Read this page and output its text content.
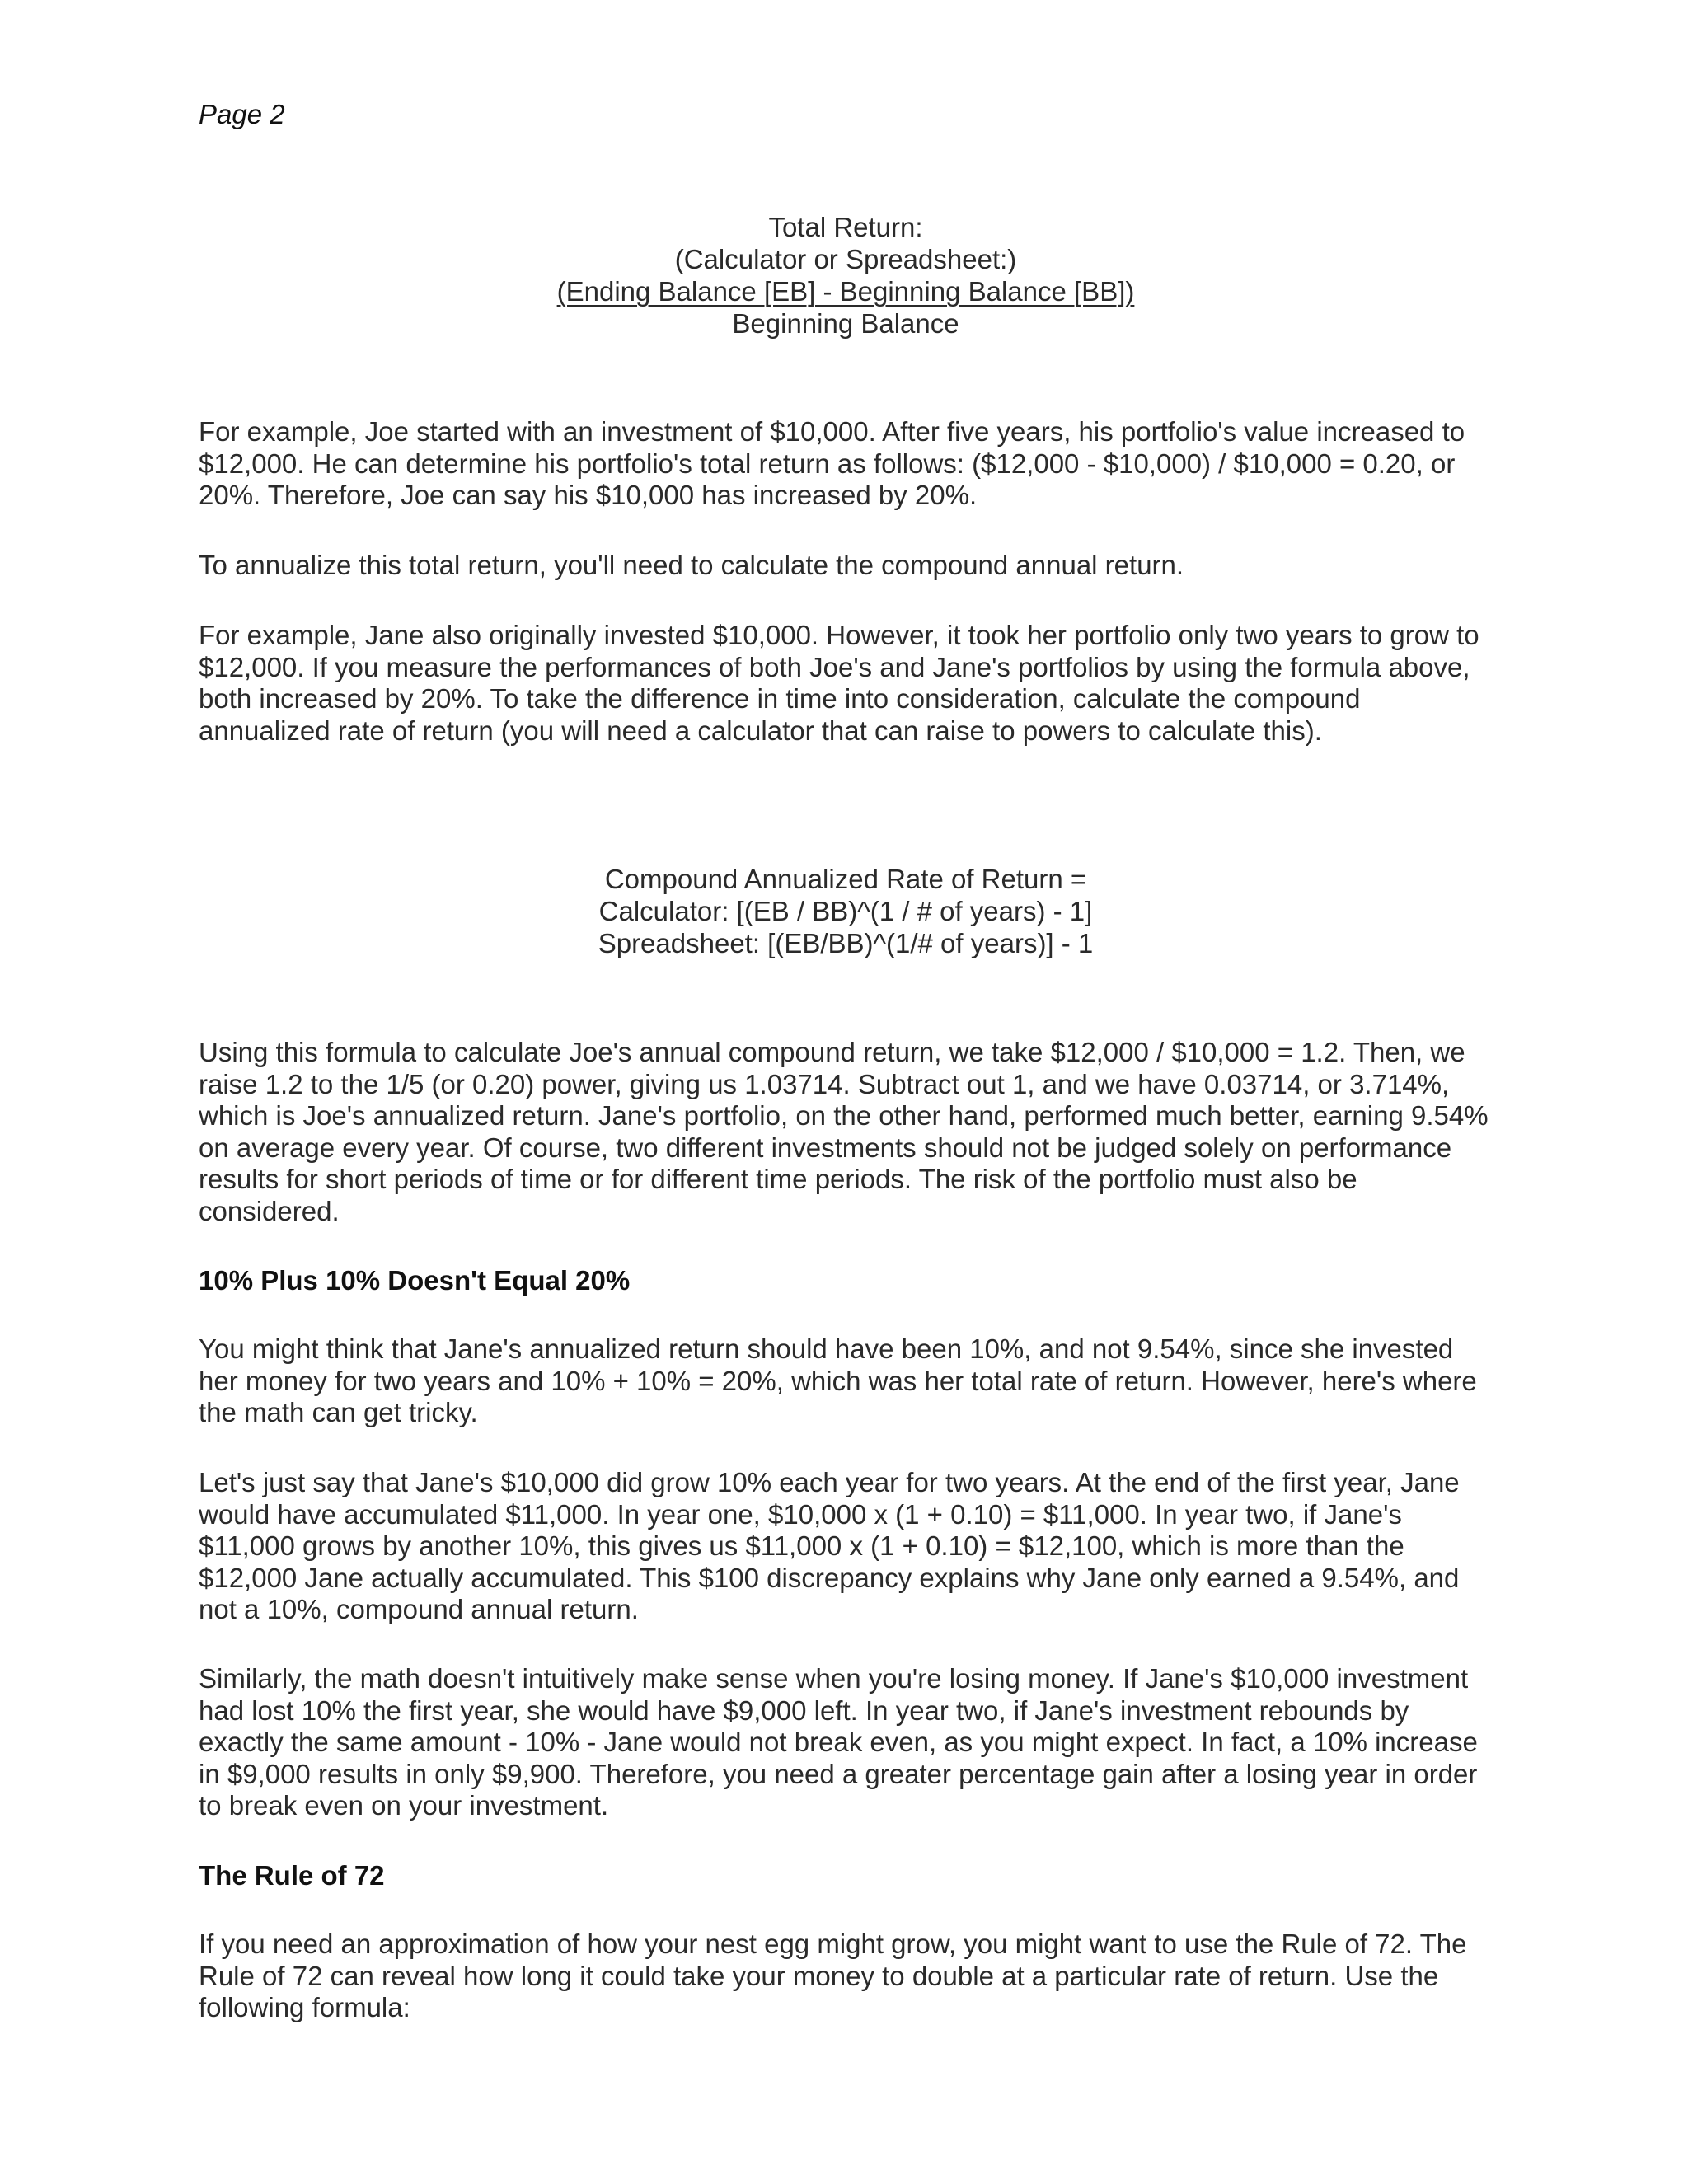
Page 2
Total Return:
(Calculator or Spreadsheet:)
(Ending Balance [EB] - Beginning Balance [BB])
Beginning Balance
For example, Joe started with an investment of $10,000. After five years, his portfolio's value increased to $12,000. He can determine his portfolio's total return as follows: ($12,000 - $10,000) / $10,000 = 0.20, or 20%. Therefore, Joe can say his $10,000 has increased by 20%.
To annualize this total return, you'll need to calculate the compound annual return.
For example, Jane also originally invested $10,000. However, it took her portfolio only two years to grow to $12,000. If you measure the performances of both Joe's and Jane's portfolios by using the formula above, both increased by 20%. To take the difference in time into consideration, calculate the compound annualized rate of return (you will need a calculator that can raise to powers to calculate this).
Compound Annualized Rate of Return =
Calculator: [(EB / BB)^(1 / # of years) - 1]
Spreadsheet: [(EB/BB)^(1/# of years)] - 1
Using this formula to calculate Joe's annual compound return, we take $12,000 / $10,000 = 1.2. Then, we raise 1.2 to the 1/5 (or 0.20) power, giving us 1.03714. Subtract out 1, and we have 0.03714, or 3.714%, which is Joe's annualized return. Jane's portfolio, on the other hand, performed much better, earning 9.54% on average every year. Of course, two different investments should not be judged solely on performance results for short periods of time or for different time periods. The risk of the portfolio must also be considered.
10% Plus 10% Doesn't Equal 20%
You might think that Jane's annualized return should have been 10%, and not 9.54%, since she invested her money for two years and 10% + 10% = 20%, which was her total rate of return. However, here's where the math can get tricky.
Let's just say that Jane's $10,000 did grow 10% each year for two years. At the end of the first year, Jane would have accumulated $11,000. In year one, $10,000 x (1 + 0.10) = $11,000. In year two, if Jane's $11,000 grows by another 10%, this gives us $11,000 x (1 + 0.10) = $12,100, which is more than the $12,000 Jane actually accumulated. This $100 discrepancy explains why Jane only earned a 9.54%, and not a 10%, compound annual return.
Similarly, the math doesn't intuitively make sense when you're losing money. If Jane's $10,000 investment had lost 10% the first year, she would have $9,000 left. In year two, if Jane's investment rebounds by exactly the same amount - 10% - Jane would not break even, as you might expect. In fact, a 10% increase in $9,000 results in only $9,900. Therefore, you need a greater percentage gain after a losing year in order to break even on your investment.
The Rule of 72
If you need an approximation of how your nest egg might grow, you might want to use the Rule of 72. The Rule of 72 can reveal how long it could take your money to double at a particular rate of return. Use the following formula:
